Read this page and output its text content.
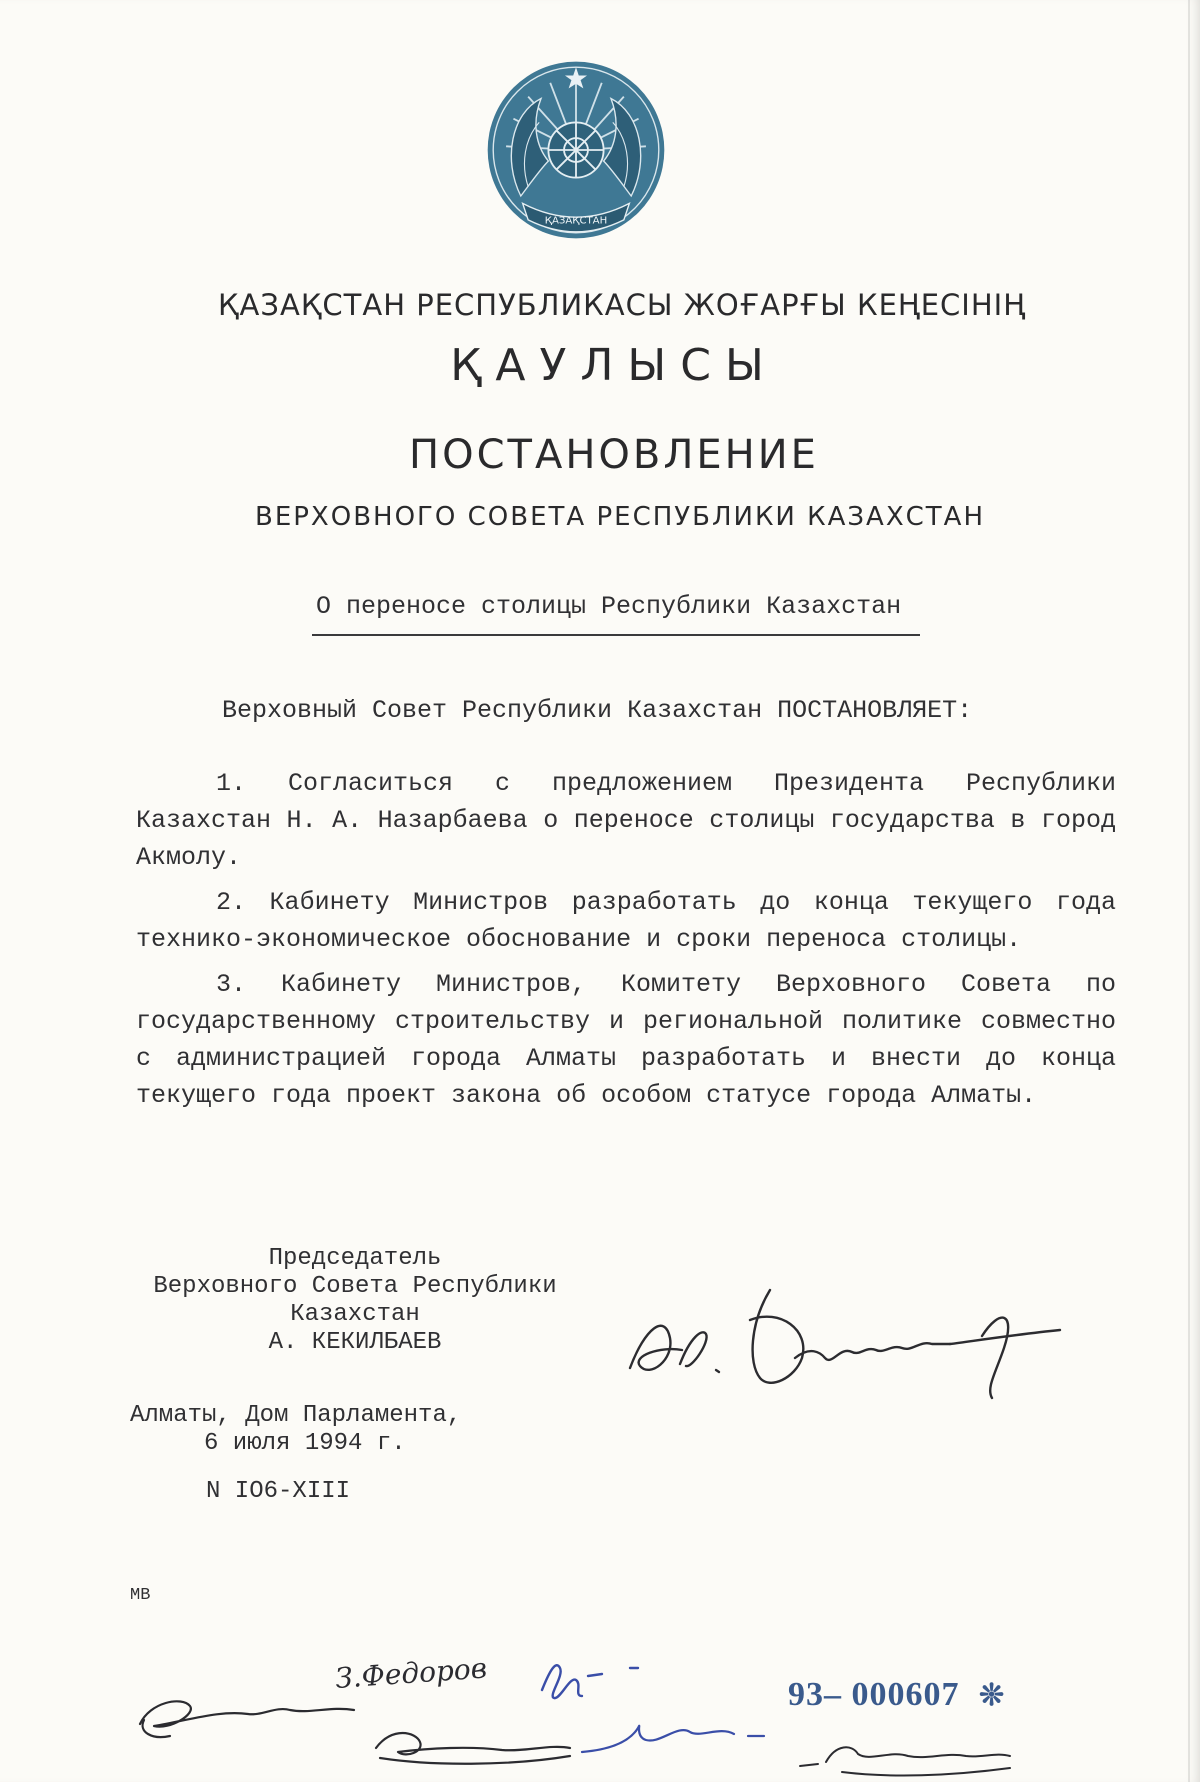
ҚАЗАҚСТАН
ҚАЗАҚСТАН РЕСПУБЛИКАСЫ ЖОҒАРҒЫ КЕҢЕСІНІҢ
ҚАУЛЫСЫ
ПОСТАНОВЛЕНИЕ
ВЕРХОВНОГО СОВЕТА РЕСПУБЛИКИ КАЗАХСТАН
О переносе столицы Республики Казахстан
Верховный Совет Республики Казахстан ПОСТАНОВЛЯЕТ:

1. Согласиться с предложением Президента Республики Казахстан Н. А. Назарбаева о переносе столицы государства в город Акмолу.

2. Кабинету Министров разработать до конца текущего года технико-экономическое обоснование и сроки переноса столицы.

3. Кабинету Министров, Комитету Верховного Совета по государственному строительству и региональной политике совместно с администрацией города Алматы разработать и внести до конца текущего года проект закона об особом статусе города Алматы.

Председатель
Верховного Совета Республики
Казахстан
А. КЕКИЛБАЕВ
Алматы, Дом Парламента,
6 июля 1994 г.
N IО6-XIII
МВ
З.Федоров	93– 000607 ❊
